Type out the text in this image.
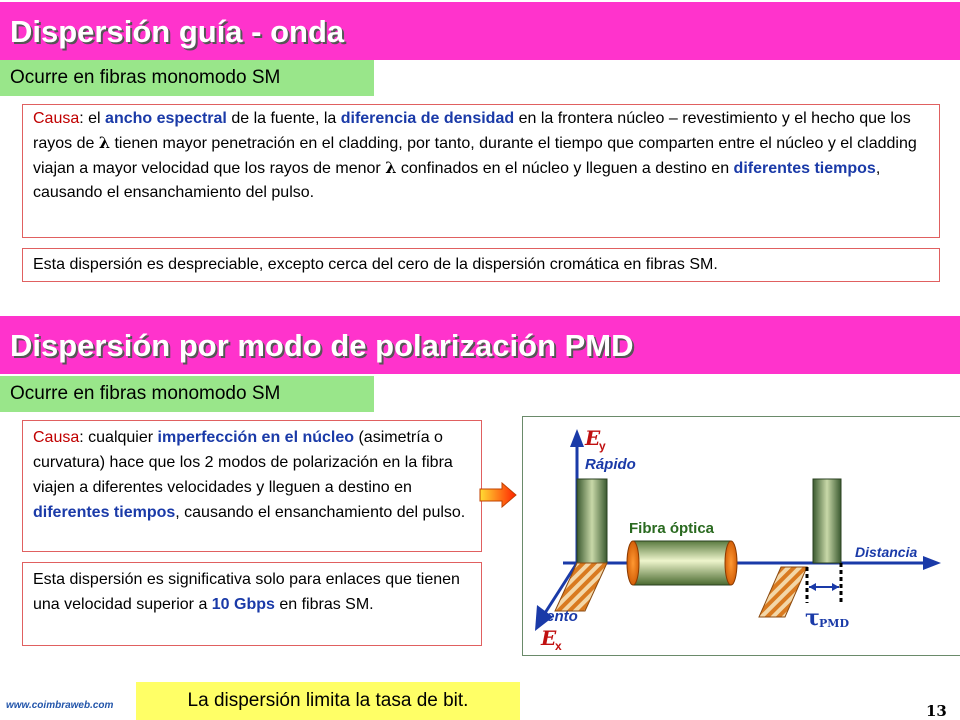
Dispersión guía - onda
Ocurre en fibras monomodo SM
Causa: el ancho espectral de la fuente, la diferencia de densidad en la frontera núcleo – revestimiento y el hecho que los rayos de λ tienen mayor penetración en el cladding, por tanto, durante el tiempo que comparten entre el núcleo y el cladding viajan a mayor velocidad que los rayos de menor λ confinados en el núcleo y lleguen a destino en diferentes tiempos, causando el ensanchamiento del pulso.
Esta dispersión es despreciable, excepto cerca del cero de la dispersión cromática en fibras SM.
Dispersión por modo de polarización PMD
Ocurre en fibras monomodo SM
Causa: cualquier imperfección en el núcleo (asimetría o curvatura) hace que los 2 modos de polarización en la fibra viajen a diferentes velocidades y lleguen a destino en diferentes tiempos, causando el ensanchamiento del pulso.
Esta dispersión es significativa solo para enlaces que tienen una velocidad superior a 10 Gbps en fibras SM.
E
y
Rápido
Fibra óptica
Distancia
Lento
E
x
τ PMD
La dispersión limita la tasa de bit.
www.coimbraweb.com	13
